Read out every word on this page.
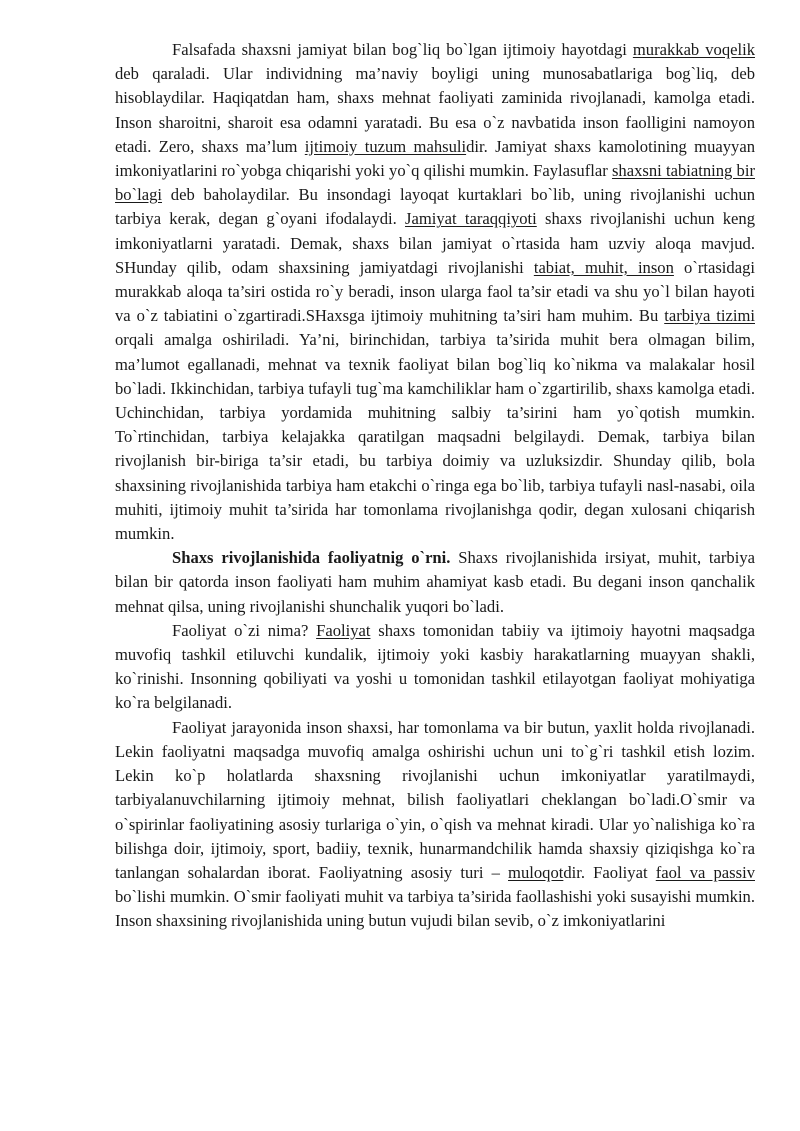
Falsafada shaxsni jamiyat bilan bog`liq bo`lgan ijtimoiy hayotdagi murakkab voqelik deb qaraladi. Ular individning ma’naviy boyligi uning munosabatlariga bog`liq, deb hisoblaydilar. Haqiqatdan ham, shaxs mehnat faoliyati zaminida rivojlanadi, kamolga etadi. Inson sharoitni, sharoit esa odamni yaratadi. Bu esa o`z navbatida inson faolligini namoyon etadi. Zero, shaxs ma’lum ijtimoiy tuzum mahsulidir. Jamiyat shaxs kamolotining muayyan imkoniyatlarini ro`yobga chiqarishi yoki yo`q qilishi mumkin. Faylasuflar shaxsni tabiatning bir bo`lagi deb baholaydilar. Bu insondagi layoqat kurtaklari bo`lib, uning rivojlanishi uchun tarbiya kerak, degan g`oyani ifodalaydi. Jamiyat taraqqiyoti shaxs rivojlanishi uchun keng imkoniyatlarni yaratadi. Demak, shaxs bilan jamiyat o`rtasida ham uzviy aloqa mavjud. SHunday qilib, odam shaxsining jamiyatdagi rivojlanishi tabiat, muhit, inson o`rtasidagi murakkab aloqa ta’siri ostida ro`y beradi, inson ularga faol ta’sir etadi va shu yo`l bilan hayoti va o`z tabiatini o`zgartiradi.SHaxsga ijtimoiy muhitning ta’siri ham muhim. Bu tarbiya tizimi orqali amalga oshiriladi. Ya’ni, birinchidan, tarbiya ta’sirida muhit bera olmagan bilim, ma’lumot egallanadi, mehnat va texnik faoliyat bilan bog`liq ko`nikma va malakalar hosil bo`ladi. Ikkinchidan, tarbiya tufayli tug`ma kamchiliklar ham o`zgartirilib, shaxs kamolga etadi. Uchinchidan, tarbiya yordamida muhitning salbiy ta’sirini ham yo`qotish mumkin. To`rtinchidan, tarbiya kelajakka qaratilgan maqsadni belgilaydi. Demak, tarbiya bilan rivojlanish bir-biriga ta’sir etadi, bu tarbiya doimiy va uzluksizdir. Shunday qilib, bola shaxsining rivojlanishida tarbiya ham etakchi o`ringa ega bo`lib, tarbiya tufayli nasl-nasabi, oila muhiti, ijtimoiy muhit ta’sirida har tomonlama rivojlanishga qodir, degan xulosani chiqarish mumkin.

Shaxs rivojlanishida faoliyatnig o`rni. Shaxs rivojlanishida irsiyat, muhit, tarbiya bilan bir qatorda inson faoliyati ham muhim ahamiyat kasb etadi. Bu degani inson qanchalik mehnat qilsa, uning rivojlanishi shunchalik yuqori bo`ladi.

Faoliyat o`zi nima? Faoliyat shaxs tomonidan tabiiy va ijtimoiy hayotni maqsadga muvofiq tashkil etiluvchi kundalik, ijtimoiy yoki kasbiy harakatlarning muayyan shakli, ko`rinishi. Insonning qobiliyati va yoshi u tomonidan tashkil etilayotgan faoliyat mohiyatiga ko`ra belgilanadi.

Faoliyat jarayonida inson shaxsi, har tomonlama va bir butun, yaxlit holda rivojlanadi. Lekin faoliyatni maqsadga muvofiq amalga oshirishi uchun uni to`g`ri tashkil etish lozim. Lekin ko`p holatlarda shaxsning rivojlanishi uchun imkoniyatlar yaratilmaydi, tarbiyalanuvchilarning ijtimoiy mehnat, bilish faoliyatlari cheklangan bo`ladi.O`smir va o`spirinlar faoliyatining asosiy turlariga o`yin, o`qish va mehnat kiradi. Ular yo`nalishiga ko`ra bilishga doir, ijtimoiy, sport, badiiy, texnik, hunarmandchilik hamda shaxsiy qiziqishga ko`ra tanlangan sohalardan iborat. Faoliyatning asosiy turi – muloqotdir. Faoliyat faol va passiv bo`lishi mumkin. O`smir faoliyati muhit va tarbiya ta’sirida faollashishi yoki susayishi mumkin. Inson shaxsining rivojlanishida uning butun vujudi bilan sevib, o`z imkoniyatlarini
